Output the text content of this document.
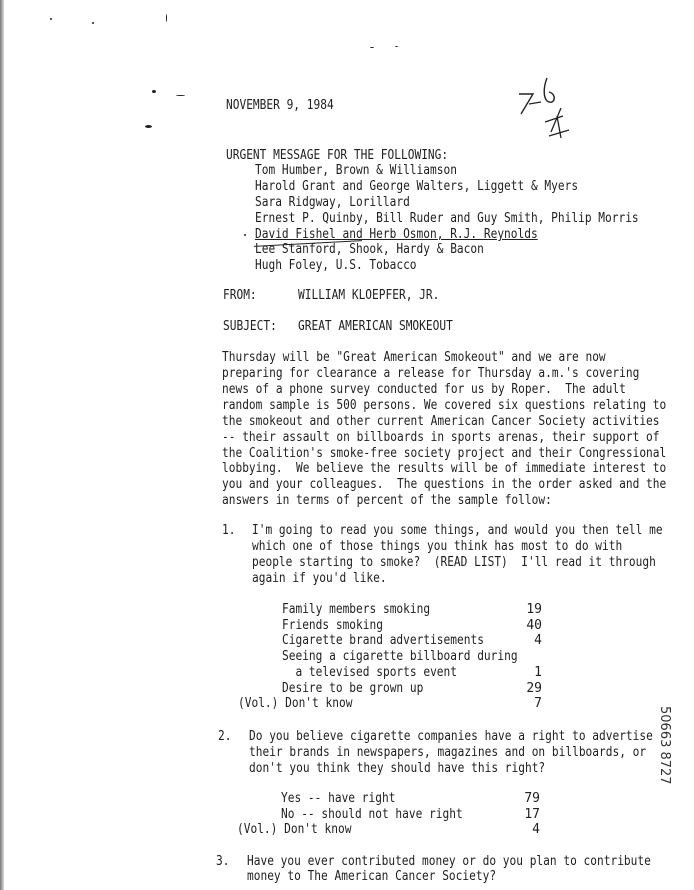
NOVEMBER 9, 1984
URGENT MESSAGE FOR THE FOLLOWING:
Tom Humber, Brown & Williamson
Harold Grant and George Walters, Liggett & Myers
Sara Ridgway, Lorillard
Ernest P. Quinby, Bill Ruder and Guy Smith, Philip Morris
David Fishel and Herb Osmon, R.J. Reynolds
Lee Stanford, Shook, Hardy & Bacon
Hugh Foley, U.S. Tobacco
FROM:	WILLIAM KLOEPFER, JR.
SUBJECT: GREAT AMERICAN SMOKEOUT
Thursday will be "Great American Smokeout" and we are now
preparing for clearance a release for Thursday a.m.'s covering
news of a phone survey conducted for us by Roper.  The adult
random sample is 500 persons. We covered six questions relating to
the smokeout and other current American Cancer Society activities
-- their assault on billboards in sports arenas, their support of
the Coalition's smoke-free society project and their Congressional
lobbying.  We believe the results will be of immediate interest to
you and your colleagues.  The questions in the order asked and the
answers in terms of percent of the sample follow:
1. I'm going to read you some things, and would you then tell me
which one of those things you think has most to do with
people starting to smoke?  (READ LIST)  I'll read it through
again if you'd like.
Family members smoking	19
Friends smoking	40
Cigarette brand advertisements	4
Seeing a cigarette billboard during
a televised sports event	1
Desire to be grown up	29
(Vol.) Don't know	7
2. Do you believe cigarette companies have a right to advertise
their brands in newspapers, magazines and on billboards, or
don't you think they should have this right?
Yes -- have right	79
No -- should not have right	17
(Vol.) Don't know	4
3. Have you ever contributed money or do you plan to contribute
money to The American Cancer Society?
50663 8727
